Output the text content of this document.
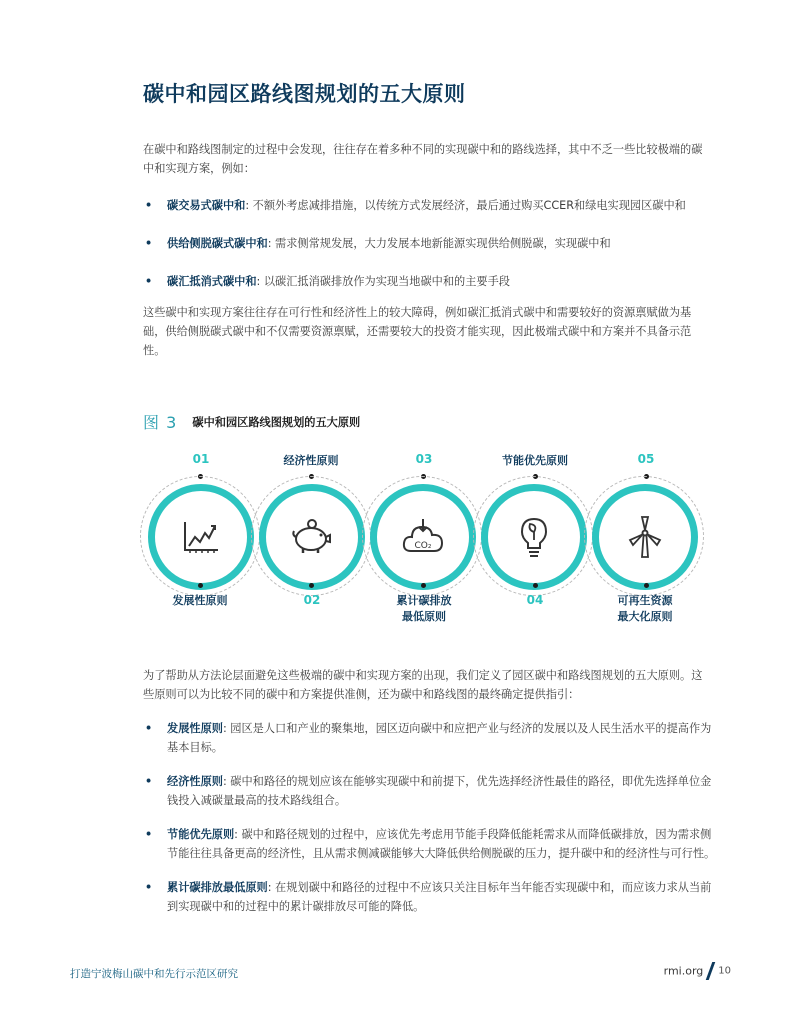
碳中和园区路线图规划的五大原则

在碳中和路线图制定的过程中会发现，往往存在着多种不同的实现碳中和的路线选择，其中不乏一些比较极端的碳中和实现方案，例如：

• 碳交易式碳中和: 不额外考虑减排措施，以传统方式发展经济，最后通过购买CCER和绿电实现园区碳中和
• 供给侧脱碳式碳中和: 需求侧常规发展，大力发展本地新能源实现供给侧脱碳，实现碳中和
• 碳汇抵消式碳中和: 以碳汇抵消碳排放作为实现当地碳中和的主要手段

这些碳中和实现方案往往存在可行性和经济性上的较大障碍，例如碳汇抵消式碳中和需要较好的资源禀赋做为基础，供给侧脱碳式碳中和不仅需要资源禀赋，还需要较大的投资才能实现，因此极端式碳中和方案并不具备示范性。

图 3 碳中和园区路线图规划的五大原则
01	经济性原则	03	节能优先原则	05
CO₂
发展性原则	02	累计碳排放
最低原则
04	可再生资源
最大化原则

为了帮助从方法论层面避免这些极端的碳中和实现方案的出现，我们定义了园区碳中和路线图规划的五大原则。这些原则可以为比较不同的碳中和方案提供准侧，还为碳中和路线图的最终确定提供指引：

• 发展性原则: 园区是人口和产业的聚集地，园区迈向碳中和应把产业与经济的发展以及人民生活水平的提高作为基本目标。
• 经济性原则: 碳中和路径的规划应该在能够实现碳中和前提下，优先选择经济性最佳的路径，即优先选择单位金钱投入减碳量最高的技术路线组合。
• 节能优先原则: 碳中和路径规划的过程中，应该优先考虑用节能手段降低能耗需求从而降低碳排放，因为需求侧节能往往具备更高的经济性，且从需求侧减碳能够大大降低供给侧脱碳的压力，提升碳中和的经济性与可行性。
• 累计碳排放最低原则: 在规划碳中和路径的过程中不应该只关注目标年当年能否实现碳中和，而应该力求从当前到实现碳中和的过程中的累计碳排放尽可能的降低。
打造宁波梅山碳中和先行示范区研究	rmi.org 10
